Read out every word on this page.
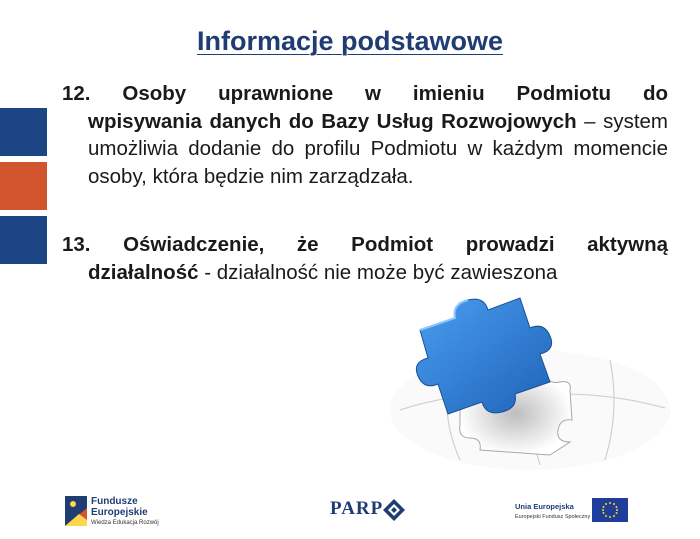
Informacje podstawowe

12. Osoby uprawnione w imieniu Podmiotu do

wpisywania danych do Bazy Usług Rozwojowych – system umożliwia dodanie do profilu Podmiotu w każdym momencie osoby, która będzie nim zarządzała.

13. Oświadczenie, że Podmiot prowadzi aktywną

działalność - działalność nie może być zawieszona

Fundusze
Europejskie
Wiedza Edukacja Rozwój
PARP	Unia Europejska
Europejski Fundusz Społeczny
